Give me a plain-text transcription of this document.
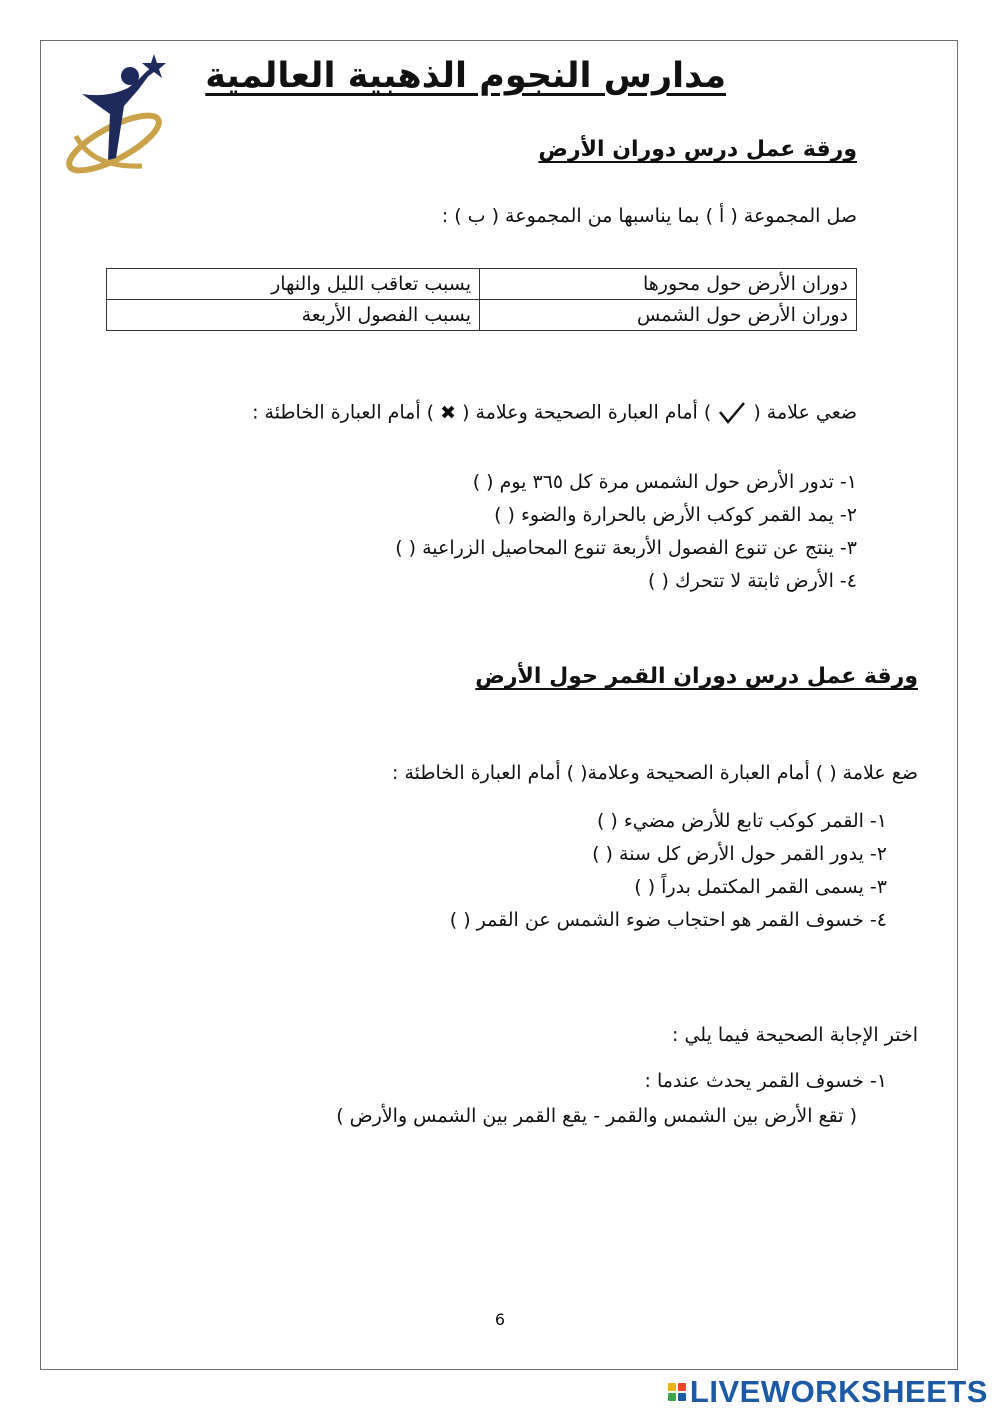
مدارس النجوم الذهبية العالمية
ورقة عمل درس دوران الأرض
صل المجموعة ( أ ) بما يناسبها من المجموعة ( ب ) :
دوران الأرض حول محورها	يسبب تعاقب الليل والنهار
دوران الأرض حول الشمس	يسبب الفصول الأربعة
ضعي علامة (  ) أمام العبارة الصحيحة وعلامة ( ✖ ) أمام العبارة الخاطئة :
١- تدور الأرض حول الشمس مرة كل ٣٦٥ يوم ( )
٢- يمد القمر كوكب الأرض بالحرارة والضوء ( )
٣- ينتج عن تنوع الفصول الأربعة تنوع المحاصيل الزراعية ( )
٤- الأرض ثابتة لا تتحرك ( )
ورقة عمل درس دوران القمر حول الأرض
ضع علامة ( ) أمام العبارة الصحيحة وعلامة( ) أمام العبارة الخاطئة :
١- القمر كوكب تابع للأرض مضيء ( )
٢- يدور القمر حول الأرض كل سنة ( )
٣- يسمى القمر المكتمل بدراً ( )
٤- خسوف القمر هو احتجاب ضوء الشمس عن القمر ( )
اختر الإجابة الصحيحة فيما يلي :
١- خسوف القمر يحدث عندما :
( تقع الأرض بين الشمس والقمر - يقع القمر بين الشمس والأرض )
6
LIVEWORKSHEETS
